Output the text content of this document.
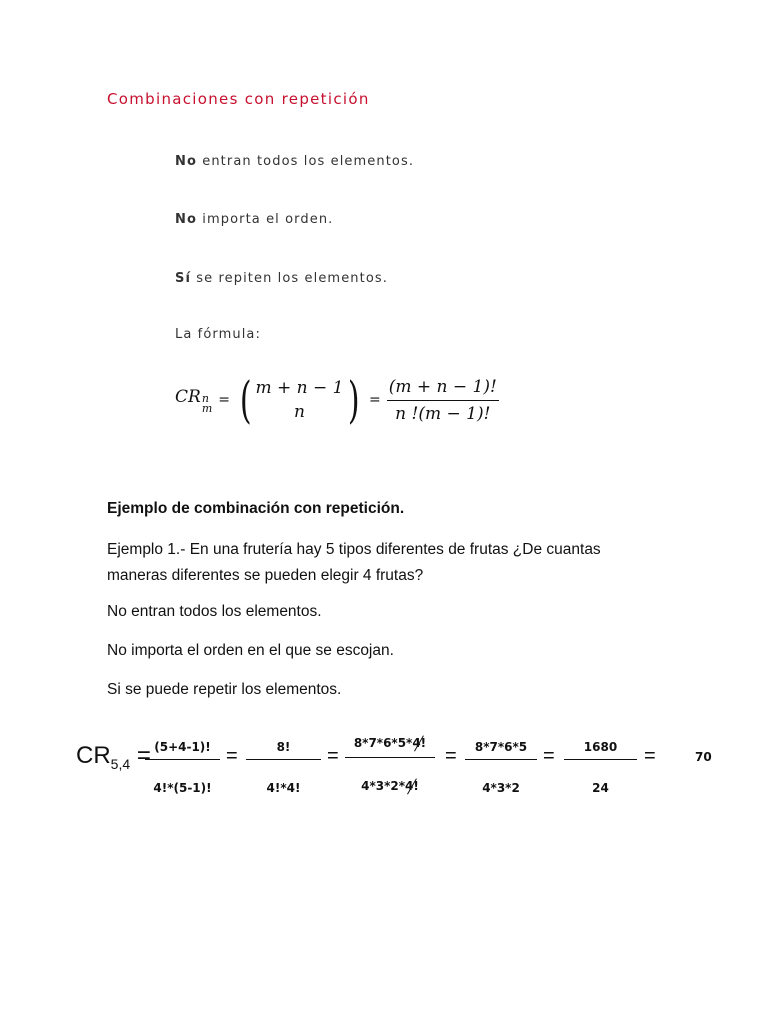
Combinaciones con repetición
No entran todos los elementos.
No importa el orden.
Sí se repiten los elementos.
La fórmula:
CR n
m = ( m + n − 1
n ) = $\frac{(m + n - 1)!}{n !(m - 1)!}$
Ejemplo de combinación con repetición.
Ejemplo 1.- En una frutería hay 5 tipos diferentes de frutas ¿De cuantas
maneras diferentes se pueden elegir 4 frutas?
No entran todos los elementos.
No importa el orden en el que se escojan.
Si se puede repetir los elementos.
$CR_{5,4} = (5+4-1)$!
4!*(5-1)!
=	8!
4!*4!
=
8*7*6*5*4!
4*3*2*4!
=	8*7*6*5
4*3*2
=	1680
24
=	70
